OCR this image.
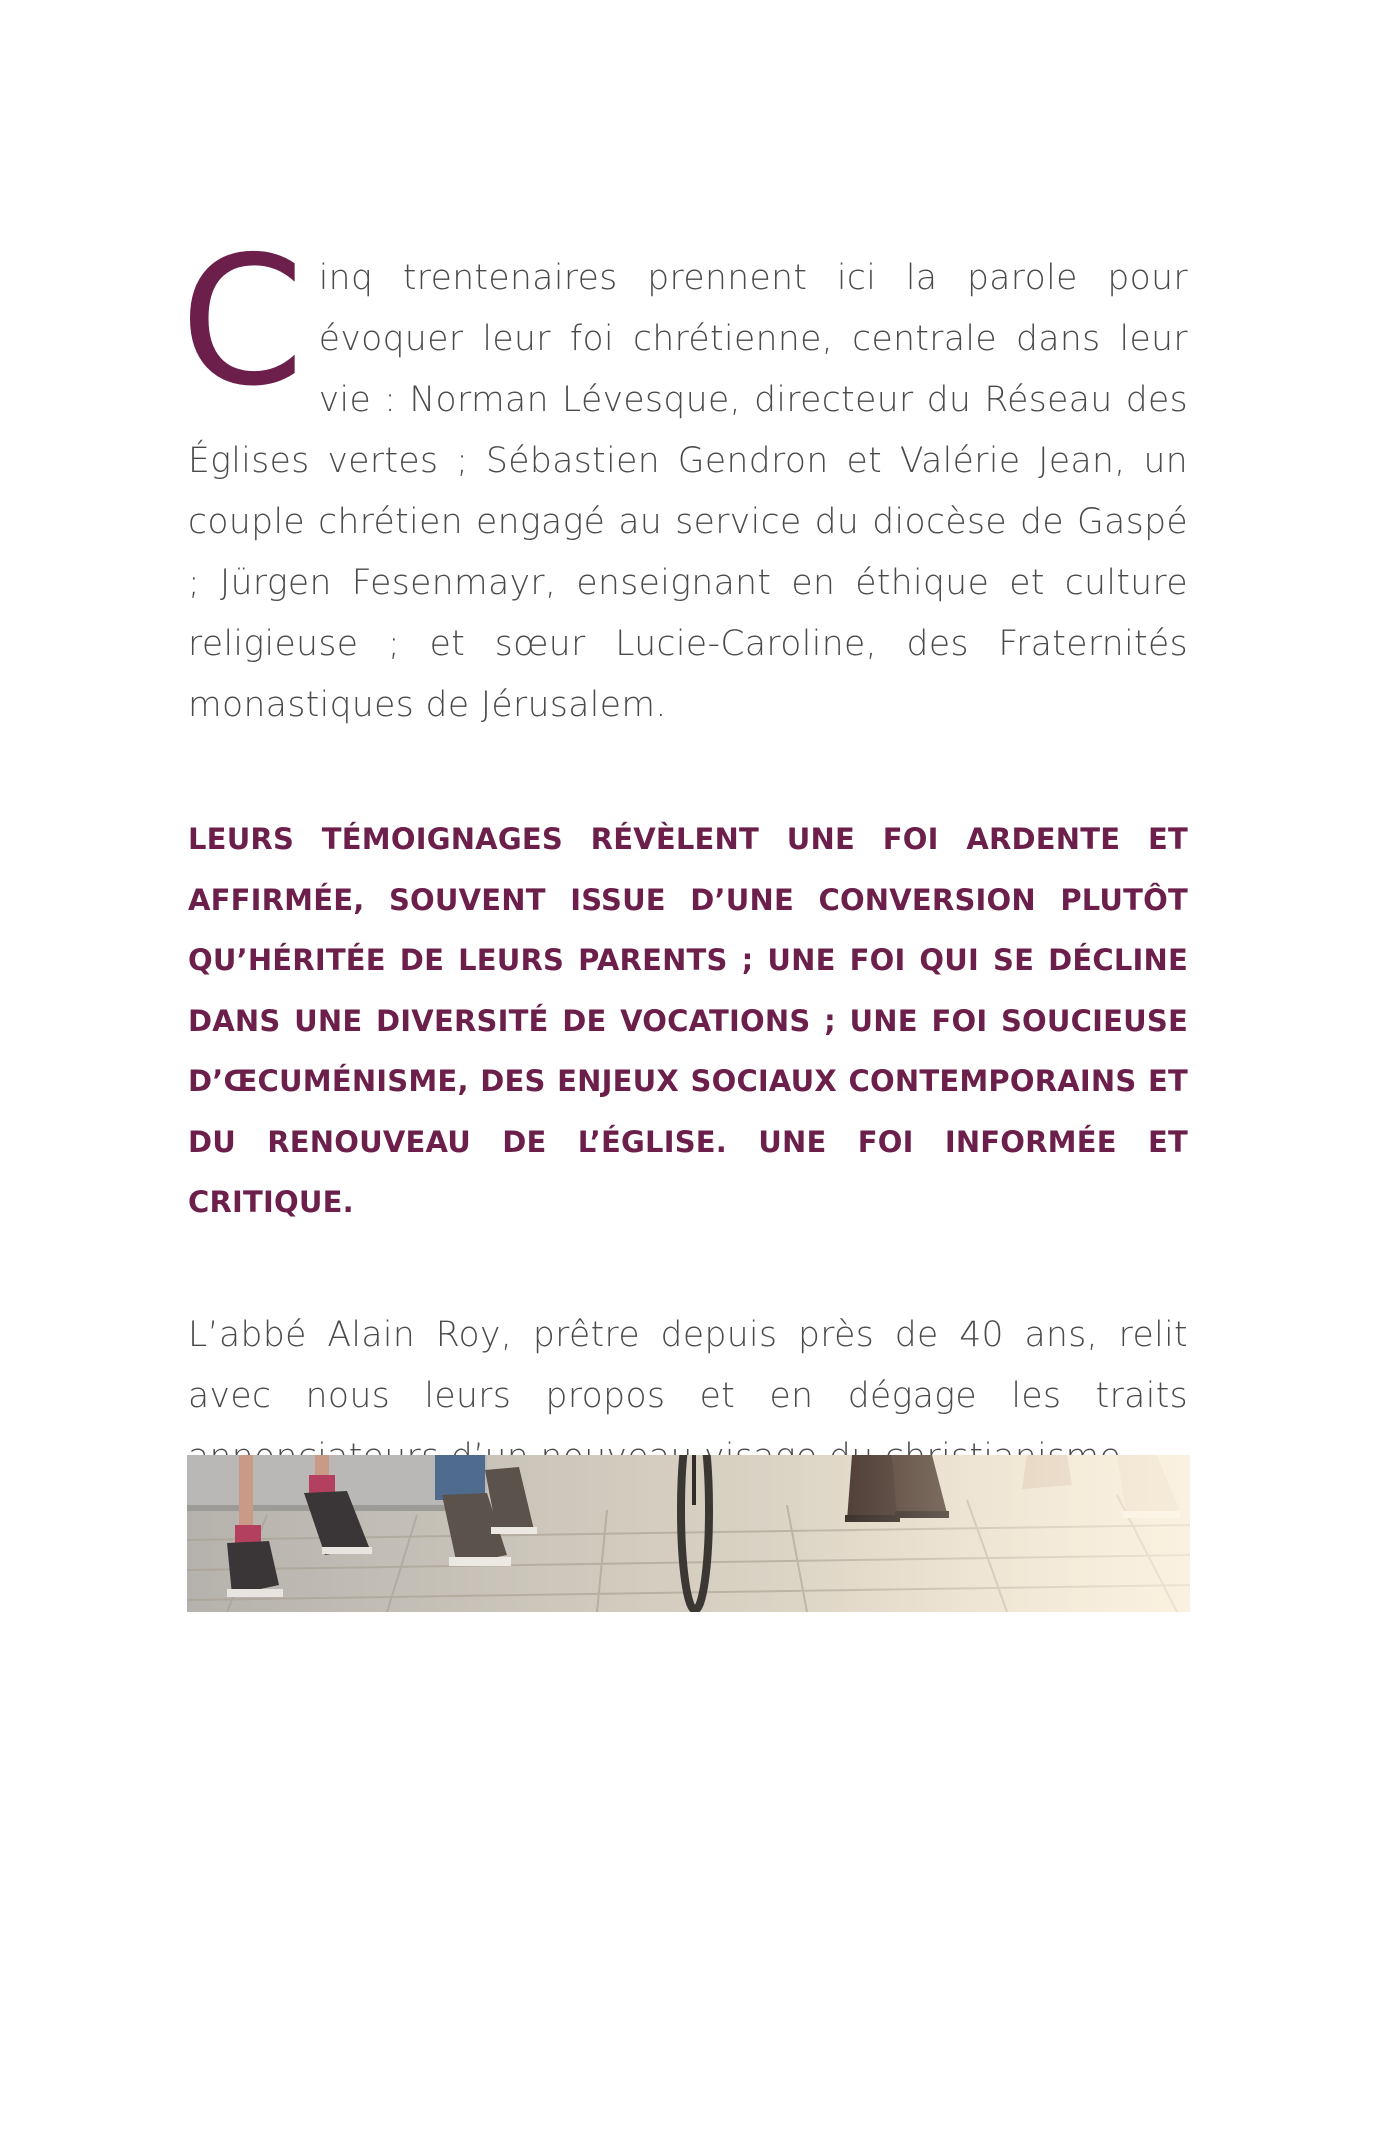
Cinq trentenaires prennent ici la parole pour évoquer leur foi chrétienne, centrale dans leur vie : Norman Lévesque, directeur du Réseau des Églises vertes ; Sébastien Gendron et Valérie Jean, un couple chrétien engagé au service du diocèse de Gaspé ; Jürgen Fesenmayr, enseignant en éthique et culture religieuse ; et sœur Lucie-Caroline, des Fraternités monastiques de Jérusalem.

LEURS TÉMOIGNAGES RÉVÈLENT UNE FOI ARDENTE ET AFFIRMÉE, SOUVENT ISSUE D’UNE CONVERSION PLUTÔT QU’HÉRITÉE DE LEURS PARENTS ; UNE FOI QUI SE DÉCLINE DANS UNE DIVERSITÉ DE VOCATIONS ; UNE FOI SOUCIEUSE D’ŒCUMÉNISME, DES ENJEUX SOCIAUX CONTEMPORAINS ET DU RENOUVEAU DE L’ÉGLISE. UNE FOI INFORMÉE ET CRITIQUE.

L’abbé Alain Roy, prêtre depuis près de 40 ans, relit avec nous leurs propos et en dégage les traits
